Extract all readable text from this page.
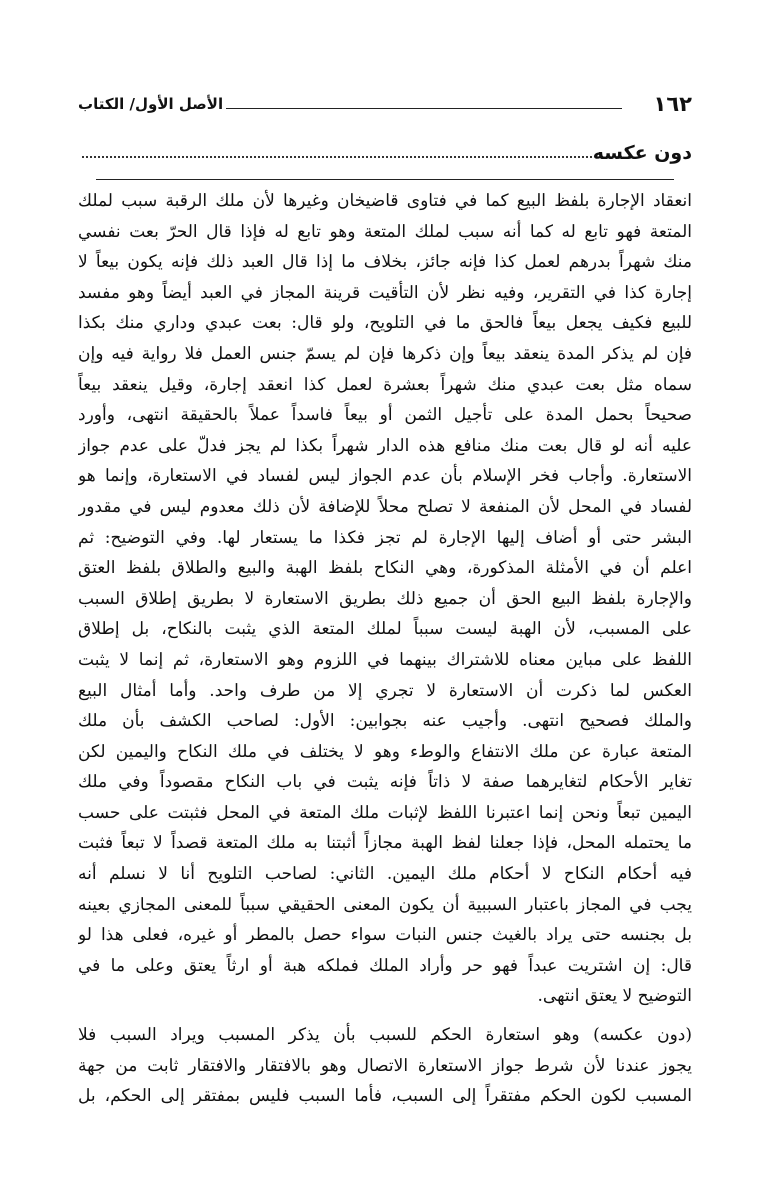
١٦٢
الأصل الأول/ الكتاب
دون عكسه
انعقاد الإجارة بلفظ البيع كما في فتاوى قاضيخان وغيرها لأن ملك الرقبة سبب لملك
المتعة فهو تابع له كما أنه سبب لملك المتعة وهو تابع له فإذا قال الحرّ بعت نفسي
منك شهراً بدرهم لعمل كذا فإنه جائز، بخلاف ما إذا قال العبد ذلك فإنه يكون بيعاً لا
إجارة كذا في التقرير، وفيه نظر لأن التأقيت قرينة المجاز في العبد أيضاً وهو مفسد
للبيع فكيف يجعل بيعاً فالحق ما في التلويح، ولو قال: بعت عبدي وداري منك بكذا
فإن لم يذكر المدة ينعقد بيعاً وإن ذكرها فإن لم يسمّ جنس العمل فلا رواية فيه وإن
سماه مثل بعت عبدي منك شهراً بعشرة لعمل كذا انعقد إجارة، وقيل ينعقد بيعاً
صحيحاً بحمل المدة على تأجيل الثمن أو بيعاً فاسداً عملاً بالحقيقة انتهى، وأورد
عليه أنه لو قال بعت منك منافع هذه الدار شهراً بكذا لم يجز فدلّ على عدم جواز
الاستعارة. وأجاب فخر الإسلام بأن عدم الجواز ليس لفساد في الاستعارة، وإنما هو
لفساد في المحل لأن المنفعة لا تصلح محلاً للإضافة لأن ذلك معدوم ليس في مقدور
البشر حتى أو أضاف إليها الإجارة لم تجز فكذا ما يستعار لها. وفي التوضيح: ثم
اعلم أن في الأمثلة المذكورة، وهي النكاح بلفظ الهبة والبيع والطلاق بلفظ العتق
والإجارة بلفظ البيع الحق أن جميع ذلك بطريق الاستعارة لا بطريق إطلاق السبب
على المسبب، لأن الهبة ليست سبباً لملك المتعة الذي يثبت بالنكاح، بل إطلاق
اللفظ على مباين معناه للاشتراك بينهما في اللزوم وهو الاستعارة، ثم إنما لا يثبت
العكس لما ذكرت أن الاستعارة لا تجري إلا من طرف واحد. وأما أمثال البيع
والملك فصحيح انتهى. وأجيب عنه بجوابين: الأول: لصاحب الكشف بأن ملك
المتعة عبارة عن ملك الانتفاع والوطء وهو لا يختلف في ملك النكاح واليمين لكن
تغاير الأحكام لتغايرهما صفة لا ذاتاً فإنه يثبت في باب النكاح مقصوداً وفي ملك
اليمين تبعاً ونحن إنما اعتبرنا اللفظ لإثبات ملك المتعة في المحل فثبتت على حسب
ما يحتمله المحل، فإذا جعلنا لفظ الهبة مجازاً أثبتنا به ملك المتعة قصداً لا تبعاً فثبت
فيه أحكام النكاح لا أحكام ملك اليمين. الثاني: لصاحب التلويح أنا لا نسلم أنه
يجب في المجاز باعتبار السببية أن يكون المعنى الحقيقي سبباً للمعنى المجازي بعينه
بل بجنسه حتى يراد بالغيث جنس النبات سواء حصل بالمطر أو غيره، فعلى هذا لو
قال: إن اشتريت عبداً فهو حر وأراد الملك فملكه هبة أو ارثاً يعتق وعلى ما في
التوضيح لا يعتق انتهى.
(دون عكسه) وهو استعارة الحكم للسبب بأن يذكر المسبب ويراد السبب فلا
يجوز عندنا لأن شرط جواز الاستعارة الاتصال وهو بالافتقار والافتقار ثابت من جهة
المسبب لكون الحكم مفتقراً إلى السبب، فأما السبب فليس بمفتقر إلى الحكم، بل
